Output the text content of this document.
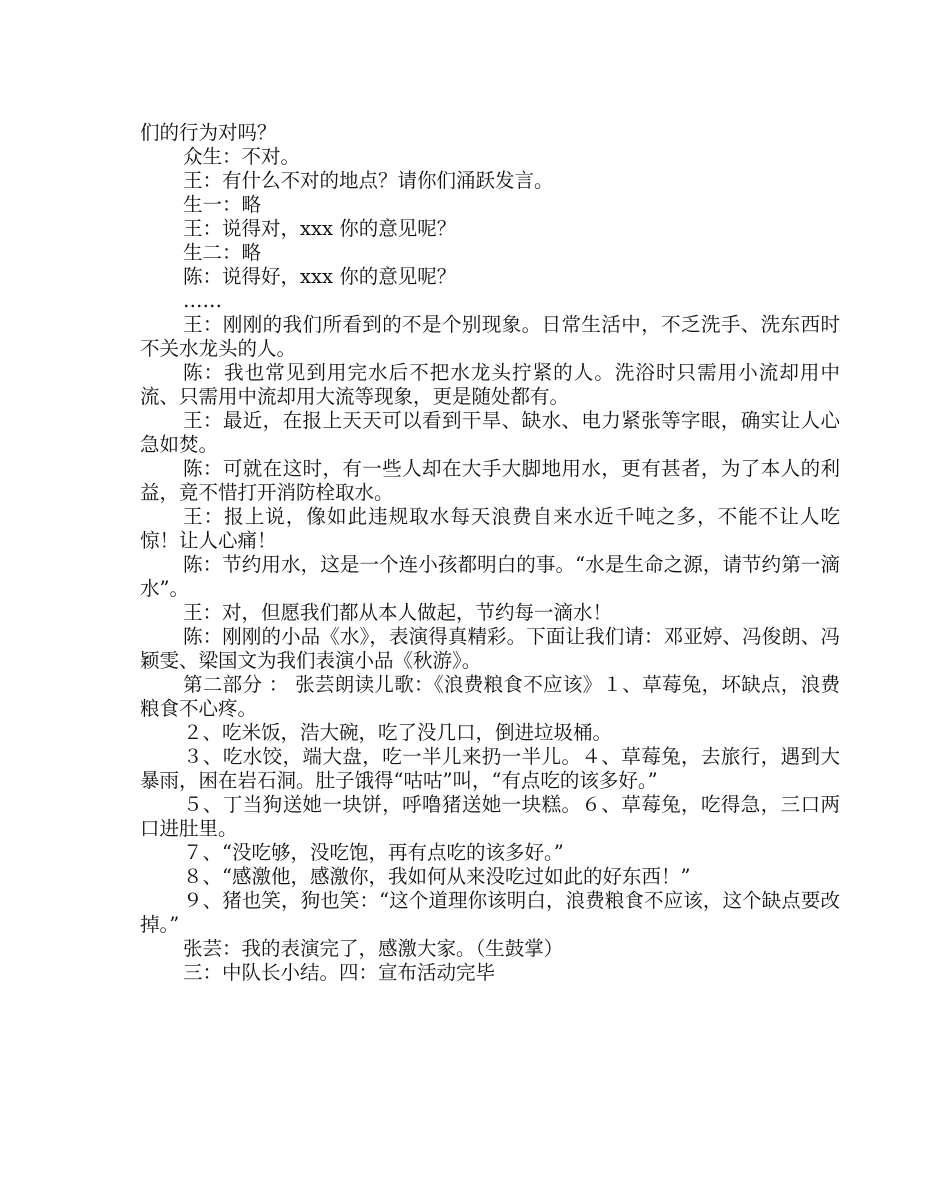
们的行为对吗？

众生：不对。

王：有什么不对的地点？请你们涌跃发言。

生一：略

王：说得对，xxx 你的意见呢？

生二：略

陈：说得好，xxx 你的意见呢？

……

王：刚刚的我们所看到的不是个别现象。日常生活中，不乏洗手、洗东西时不关水龙头的人。

陈：我也常见到用完水后不把水龙头拧紧的人。洗浴时只需用小流却用中流、只需用中流却用大流等现象，更是随处都有。

王：最近，在报上天天可以看到干旱、缺水、电力紧张等字眼，确实让人心急如焚。

陈：可就在这时，有一些人却在大手大脚地用水，更有甚者，为了本人的利益，竟不惜打开消防栓取水。

王：报上说，像如此违规取水每天浪费自来水近千吨之多，不能不让人吃惊！让人心痛！

陈：节约用水，这是一个连小孩都明白的事。“水是生命之源，请节约第一滴水”。

王：对，但愿我们都从本人做起，节约每一滴水！

陈：刚刚的小品《水》，表演得真精彩。下面让我们请：邓亚婷、冯俊朗、冯颖雯、梁国文为我们表演小品《秋游》。

第二部分 ： 张芸朗读儿歌：《浪费粮食不应该》１、草莓兔，坏缺点，浪费粮食不心疼。

２、吃米饭，浩大碗，吃了没几口，倒进垃圾桶。

３、吃水饺，端大盘，吃一半儿来扔一半儿。４、草莓兔，去旅行，遇到大暴雨，困在岩石洞。肚子饿得“咕咕”叫，“有点吃的该多好。”

５、丁当狗送她一块饼，呼噜猪送她一块糕。６、草莓兔，吃得急，三口两口进肚里。

７、“没吃够，没吃饱，再有点吃的该多好。”

８、“感激他，感激你，我如何从来没吃过如此的好东西！”

９、猪也笑，狗也笑：“这个道理你该明白，浪费粮食不应该，这个缺点要改掉。”

张芸：我的表演完了，感激大家。（生鼓掌）

三：中队长小结。四：宣布活动完毕
